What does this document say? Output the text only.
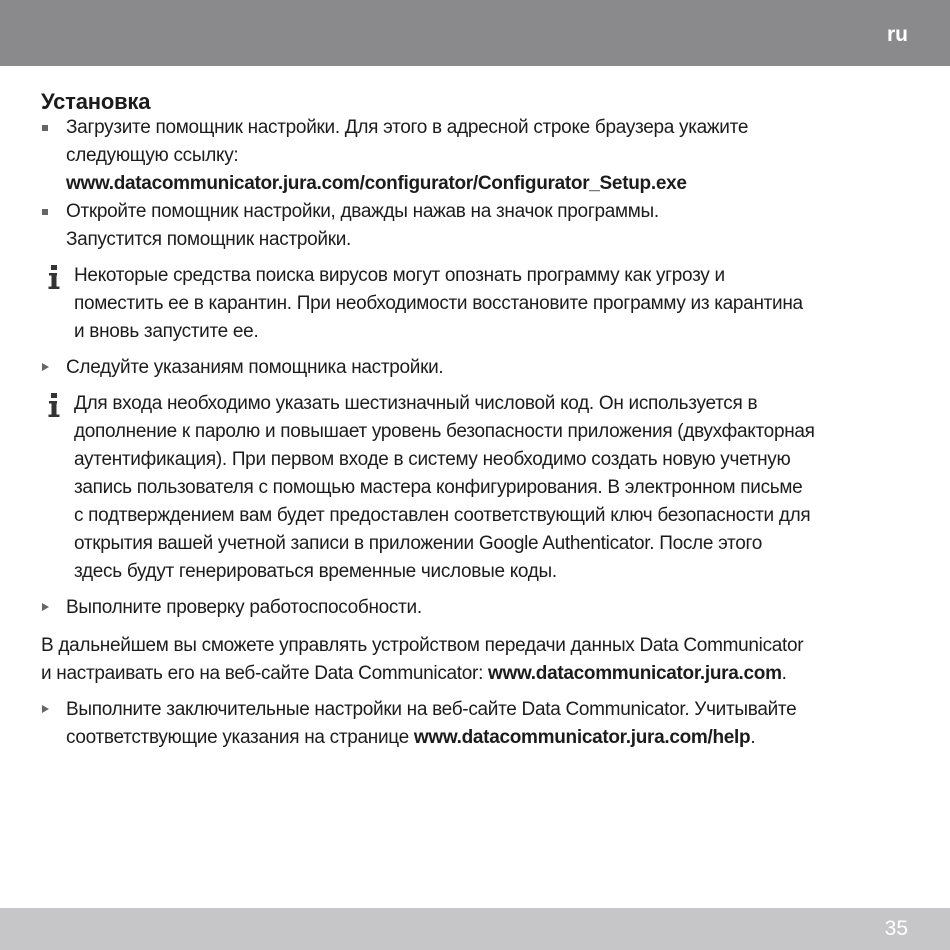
ru
Установка
Загрузите помощник настройки. Для этого в адресной строке браузера укажите
следующую ссылку:
www.datacommunicator.jura.com/configurator/Configurator_Setup.exe
Откройте помощник настройки, дважды нажав на значок программы.
Запустится помощник настройки.
Некоторые средства поиска вирусов могут опознать программу как угрозу и
поместить ее в карантин. При необходимости восстановите программу из карантина
и вновь запустите ее.
Следуйте указаниям помощника настройки.
Для входа необходимо указать шестизначный числовой код. Он используется в
дополнение к паролю и повышает уровень безопасности приложения (двухфакторная
аутентификация). При первом входе в систему необходимо создать новую учетную
запись пользователя с помощью мастера конфигурирования. В электронном письме
с подтверждением вам будет предоставлен соответствующий ключ безопасности для
открытия вашей учетной записи в приложении Google Authenticator. После этого
здесь будут генерироваться временные числовые коды.
Выполните проверку работоспособности.
В дальнейшем вы сможете управлять устройством передачи данных Data Communicator
и настраивать его на веб-сайте Data Communicator: www.datacommunicator.jura.com.
Выполните заключительные настройки на веб-сайте Data Communicator. Учитывайте
соответствующие указания на странице www.datacommunicator.jura.com/help.
35
